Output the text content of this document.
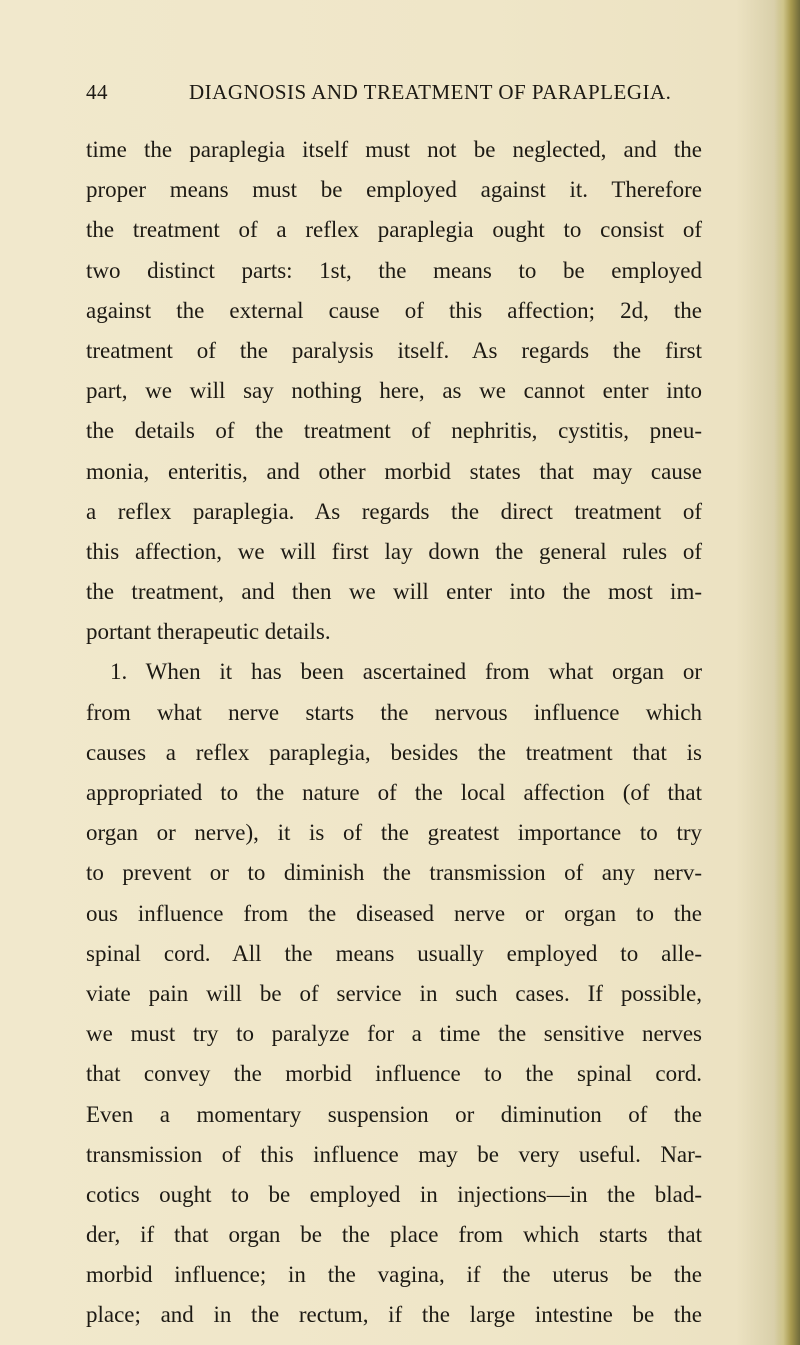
44	DIAGNOSIS AND TREATMENT OF PARAPLEGIA.
time the paraplegia itself must not be neglected, and the
proper means must be employed against it. Therefore
the treatment of a reflex paraplegia ought to consist of
two distinct parts: 1st, the means to be employed
against the external cause of this affection; 2d, the
treatment of the paralysis itself. As regards the first
part, we will say nothing here, as we cannot enter into
the details of the treatment of nephritis, cystitis, pneu-
monia, enteritis, and other morbid states that may cause
a reflex paraplegia. As regards the direct treatment of
this affection, we will first lay down the general rules of
the treatment, and then we will enter into the most im-
portant therapeutic details.
1. When it has been ascertained from what organ or
from what nerve starts the nervous influence which
causes a reflex paraplegia, besides the treatment that is
appropriated to the nature of the local affection (of that
organ or nerve), it is of the greatest importance to try
to prevent or to diminish the transmission of any nerv-
ous influence from the diseased nerve or organ to the
spinal cord. All the means usually employed to alle-
viate pain will be of service in such cases. If possible,
we must try to paralyze for a time the sensitive nerves
that convey the morbid influence to the spinal cord.
Even a momentary suspension or diminution of the
transmission of this influence may be very useful. Nar-
cotics ought to be employed in injections—in the blad-
der, if that organ be the place from which starts that
morbid influence; in the vagina, if the uterus be the
place; and in the rectum, if the large intestine be the
